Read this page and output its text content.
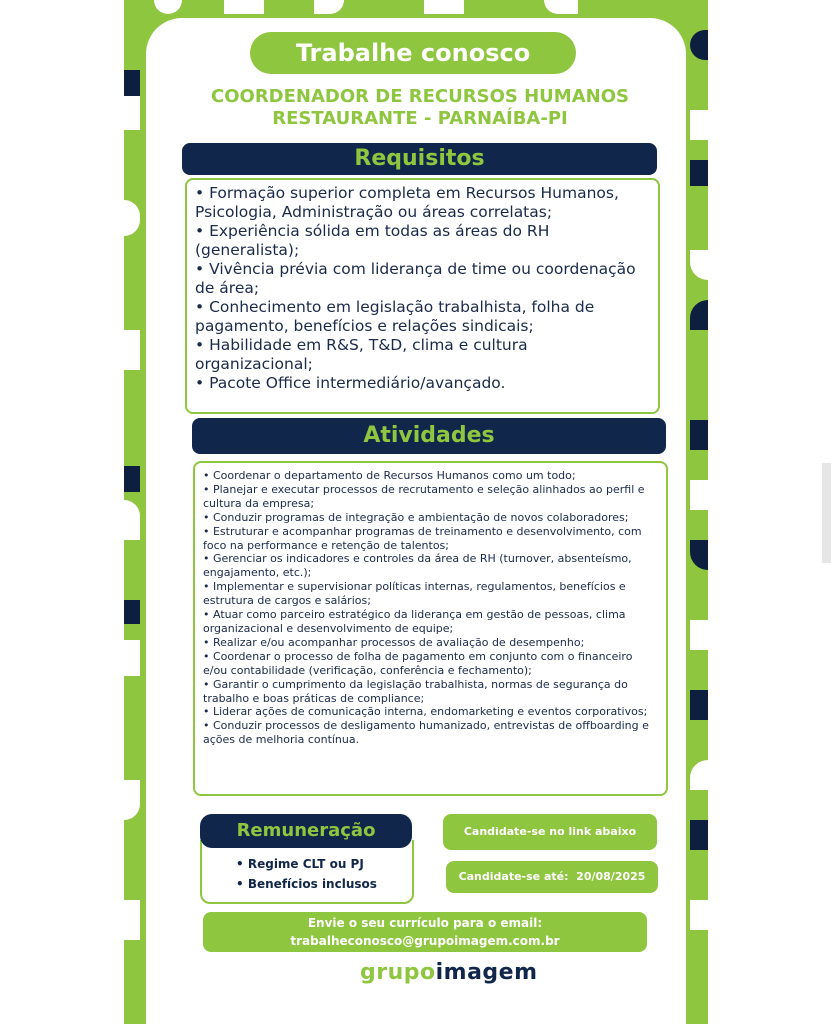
Trabalhe conosco
COORDENADOR DE RECURSOS HUMANOS
RESTAURANTE - PARNAÍBA-PI
Requisitos
• Formação superior completa em Recursos Humanos, Psicologia, Administração ou áreas correlatas;
• Experiência sólida em todas as áreas do RH (generalista);
• Vivência prévia com liderança de time ou coordenação de área;
• Conhecimento em legislação trabalhista, folha de pagamento, benefícios e relações sindicais;
• Habilidade em R&S, T&D, clima e cultura organizacional;
• Pacote Office intermediário/avançado.
Atividades
• Coordenar o departamento de Recursos Humanos como um todo;
• Planejar e executar processos de recrutamento e seleção alinhados ao perfil e cultura da empresa;
• Conduzir programas de integração e ambientação de novos colaboradores;
• Estruturar e acompanhar programas de treinamento e desenvolvimento, com foco na performance e retenção de talentos;
• Gerenciar os indicadores e controles da área de RH (turnover, absenteísmo, engajamento, etc.);
• Implementar e supervisionar políticas internas, regulamentos, benefícios e estrutura de cargos e salários;
• Atuar como parceiro estratégico da liderança em gestão de pessoas, clima organizacional e desenvolvimento de equipe;
• Realizar e/ou acompanhar processos de avaliação de desempenho;
• Coordenar o processo de folha de pagamento em conjunto com o financeiro e/ou contabilidade (verificação, conferência e fechamento);
• Garantir o cumprimento da legislação trabalhista, normas de segurança do trabalho e boas práticas de compliance;
• Liderar ações de comunicação interna, endomarketing e eventos corporativos;
• Conduzir processos de desligamento humanizado, entrevistas de offboarding e ações de melhoria contínua.
• Regime CLT ou PJ
• Benefícios inclusos
Remuneração	Candidate-se no link abaixo
Candidate-se até: 20/08/2025
Envie o seu currículo para o email:
trabalheconosco@grupoimagem.com.br
grupoimagem
